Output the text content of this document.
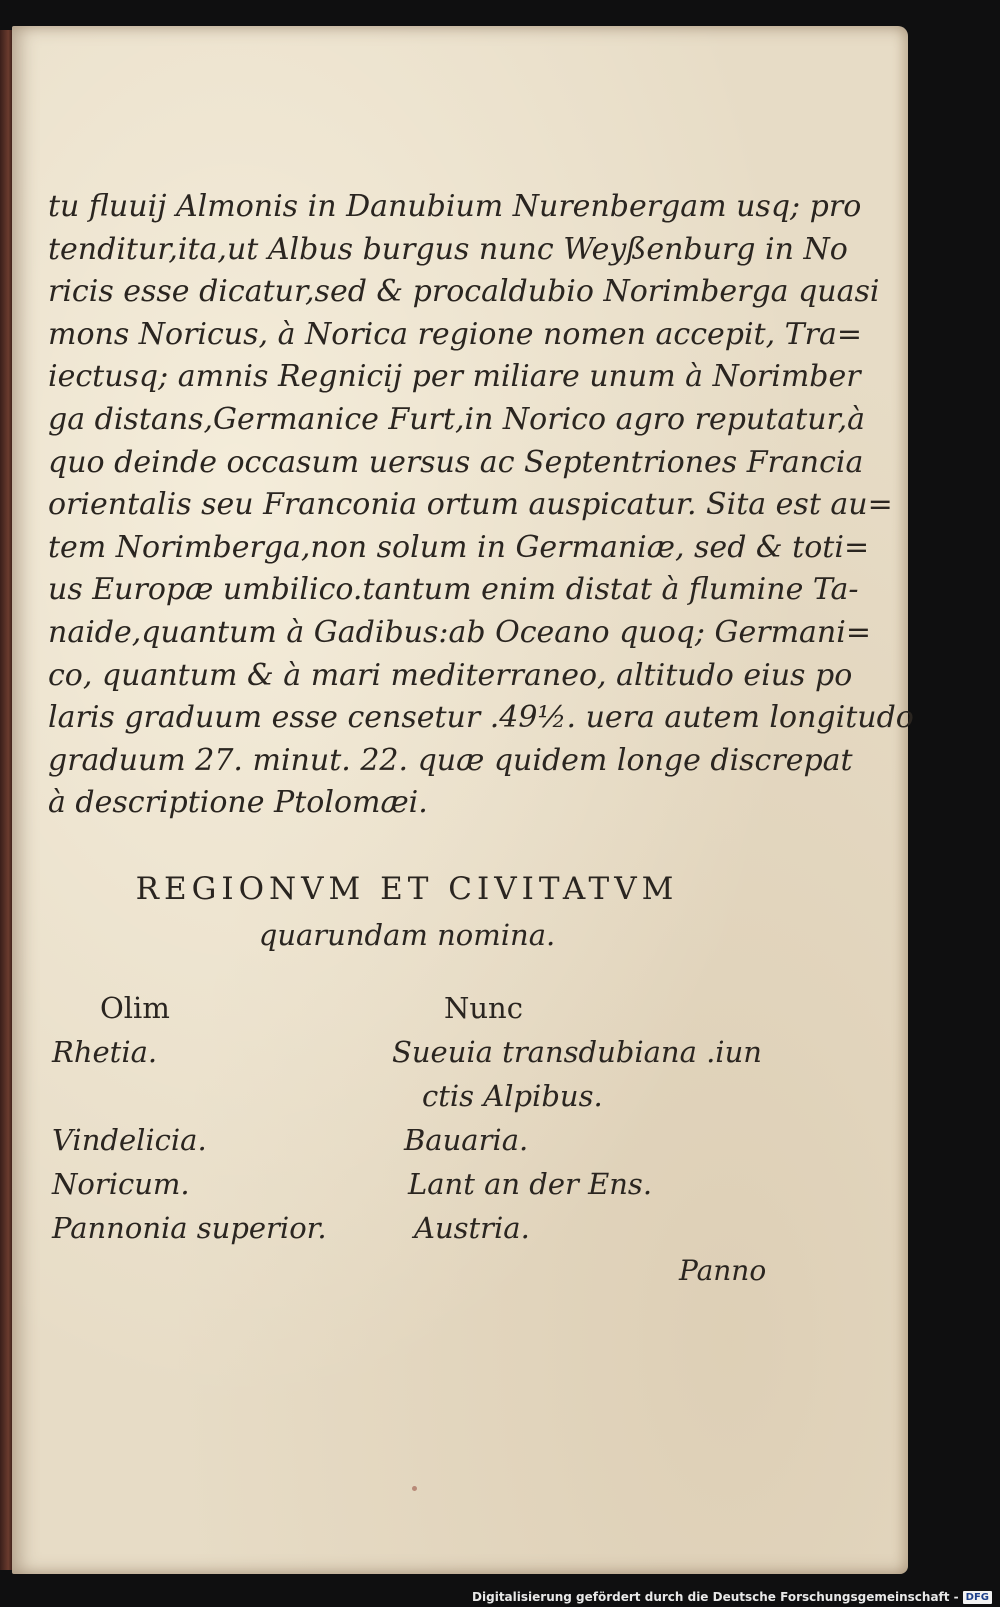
tu fluuij Almonis in Danubium Nurenbergam usq; pro
tenditur,ita,ut Albus burgus nunc Weyßenburg in No
ricis esse dicatur,sed & procaldubio Norimberga quasi
mons Noricus, à Norica regione nomen accepit, Tra=
iectusq; amnis Regnicij per miliare unum à Norimber
ga distans,Germanice Furt,in Norico agro reputatur,à
quo deinde occasum uersus ac Septentriones Francia
orientalis seu Franconia ortum auspicatur. Sita est au=
tem Norimberga,non solum in Germaniæ, sed & toti=
us Europæ umbilico.tantum enim distat à flumine Ta-
naide,quantum à Gadibus:ab Oceano quoq; Germani=
co, quantum & à mari mediterraneo, altitudo eius po
laris graduum esse censetur .49½. uera autem longitudo
graduum 27. minut. 22. quæ quidem longe discrepat
à descriptione Ptolomæi.
REGIONVM ET CIVITATVM
quarundam nomina.
Olim	Nunc
Rhetia.	Sueuia transdubiana .iun
ctis Alpibus.
Vindelicia.	Bauaria.
Noricum.	Lant an der Ens.
Pannonia superior.	Austria.
Panno
Digitalisierung gefördert durch die Deutsche Forschungsgemeinschaft - DFG
